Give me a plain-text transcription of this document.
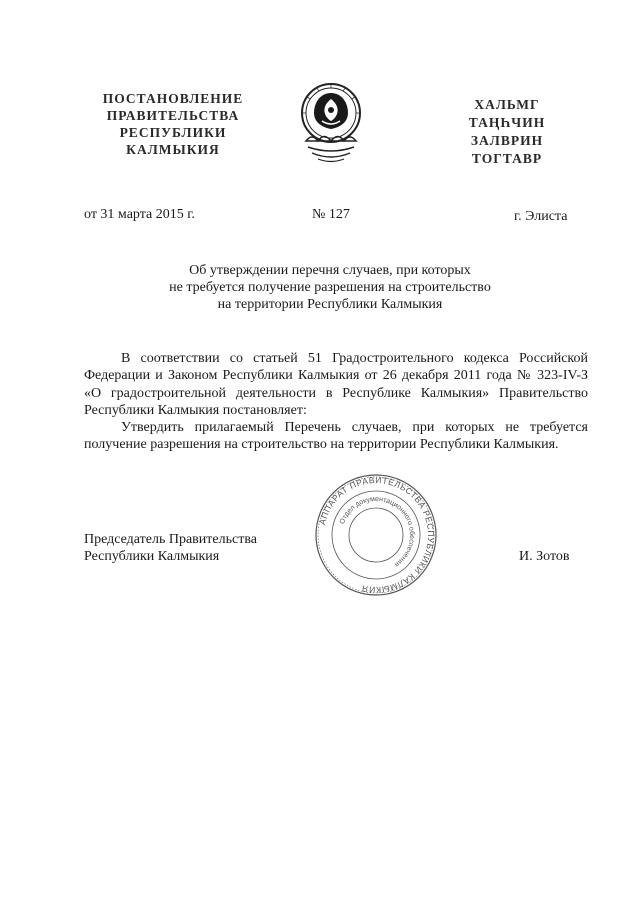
ПОСТАНОВЛЕНИЕ
ПРАВИТЕЛЬСТВА
РЕСПУБЛИКИ
КАЛМЫКИЯ
ХАЛЬМГ
ТАҢҺЧИН
ЗАЛВРИН
ТОГТАВР
от 31 марта 2015 г.	№ 127	г. Элиста
Об утверждении перечня случаев, при которых
не требуется получение разрешения на строительство
на территории Республики Калмыкия

В соответствии со статьей 51 Градостроительного кодекса Российской Федерации и Законом Республики Калмыкия от 26 декабря 2011 года № 323-IV-З «О градостроительной деятельности в Республике Калмыкия» Правительство Республики Калмыкия постановляет:

Утвердить прилагаемый Перечень случаев, при которых не требуется получение разрешения на строительство на территории Республики Калмыкия.

АППАРАТ ПРАВИТЕЛЬСТВА РЕСПУБЛИКИ КАЛМЫКИЯ
Отдел документационного обеспечения
Председатель Правительства
Республики Калмыкия	И. Зотов
